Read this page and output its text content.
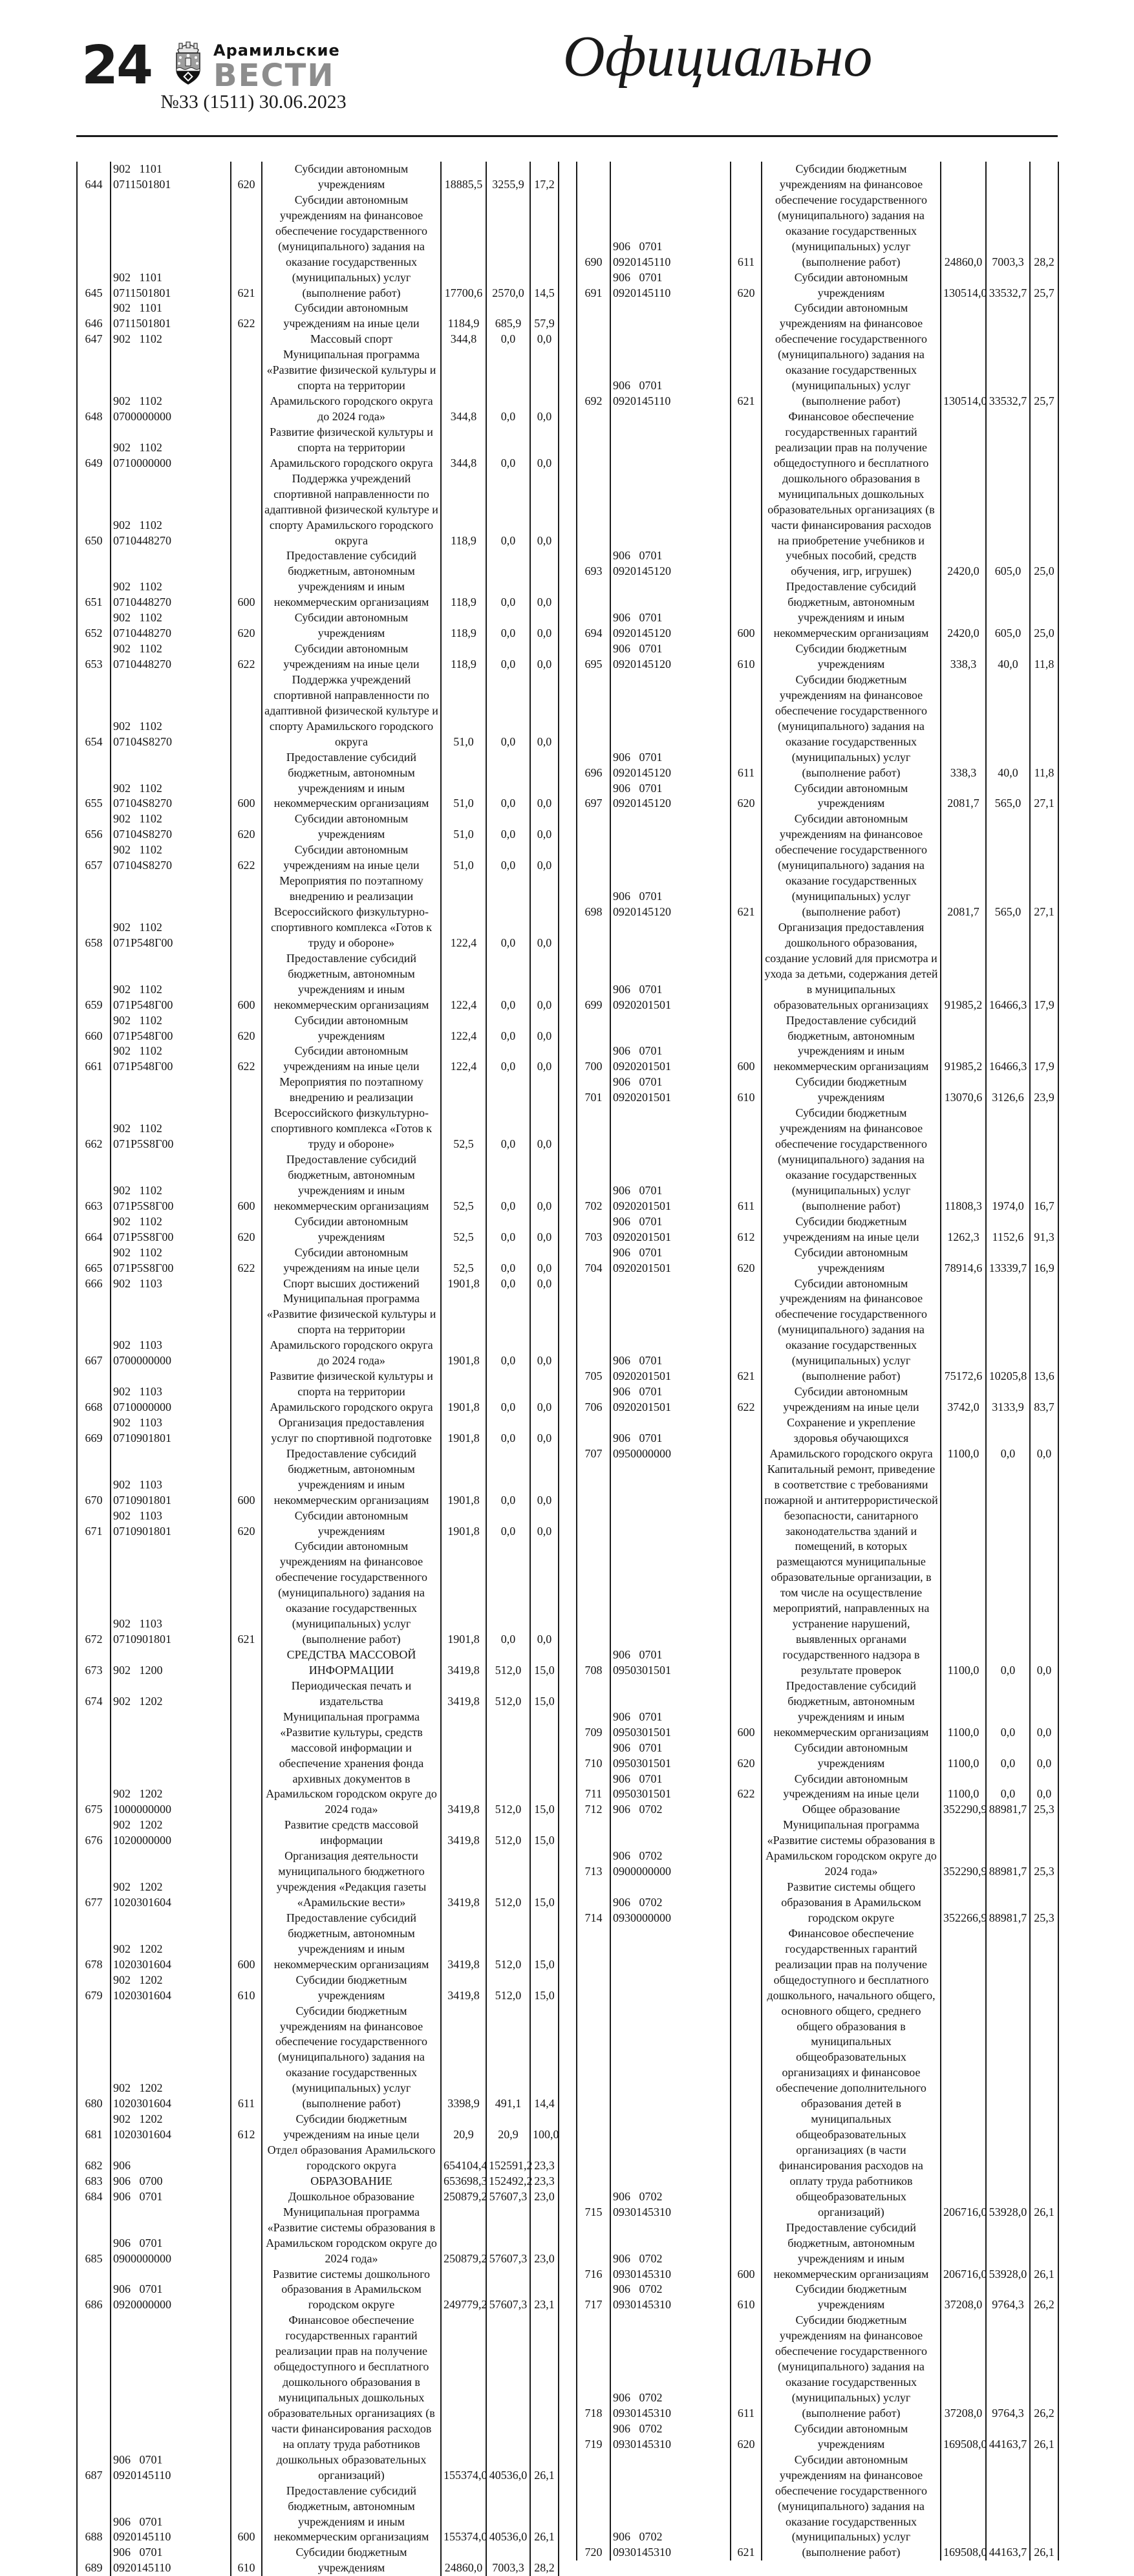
24	Арамильские
ВЕСТИ
№33 (1511) 30.06.2023
Официально
644	902 1101 0711501801	620	Субсидии автономным учреждениям	18885,5	3255,9	17,2
645	902 1101 0711501801	621	Субсидии автономным учреждениям на финансовое обеспечение государственного (муниципального) задания на оказание государственных (муниципальных) услуг (выполнение работ)	17700,6	2570,0	14,5
646	902 1101 0711501801	622	Субсидии автономным учреждениям на иные цели	1184,9	685,9	57,9
647	902 1102		Массовый спорт	344,8	0,0	0,0
648	902 1102 0700000000		Муниципальная программа «Развитие физической культуры и спорта на территории Арамильского городского округа до 2024 года»	344,8	0,0	0,0
649	902 1102 0710000000		Развитие физической культуры и спорта на территории Арамильского городского округа	344,8	0,0	0,0
650	902 1102 0710448270		Поддержка учреждений спортивной направленности по адаптивной физической культуре и спорту Арамильского городского округа	118,9	0,0	0,0
651	902 1102 0710448270	600	Предоставление субсидий бюджетным, автономным учреждениям и иным некоммерческим организациям	118,9	0,0	0,0
652	902 1102 0710448270	620	Субсидии автономным учреждениям	118,9	0,0	0,0
653	902 1102 0710448270	622	Субсидии автономным учреждениям на иные цели	118,9	0,0	0,0
654	902 1102 07104S8270		Поддержка учреждений спортивной направленности по адаптивной физической культуре и спорту Арамильского городского округа	51,0	0,0	0,0
655	902 1102 07104S8270	600	Предоставление субсидий бюджетным, автономным учреждениям и иным некоммерческим организациям	51,0	0,0	0,0
656	902 1102 07104S8270	620	Субсидии автономным учреждениям	51,0	0,0	0,0
657	902 1102 07104S8270	622	Субсидии автономным учреждениям на иные цели	51,0	0,0	0,0
658	902 1102 071P548Г00		Мероприятия по поэтапному внедрению и реализации Всероссийского физкультурно-спортивного комплекса «Готов к труду и обороне»	122,4	0,0	0,0
659	902 1102 071P548Г00	600	Предоставление субсидий бюджетным, автономным учреждениям и иным некоммерческим организациям	122,4	0,0	0,0
660	902 1102 071P548Г00	620	Субсидии автономным учреждениям	122,4	0,0	0,0
661	902 1102 071P548Г00	622	Субсидии автономным учреждениям на иные цели	122,4	0,0	0,0
662	902 1102 071P5S8Г00		Мероприятия по поэтапному внедрению и реализации Всероссийского физкультурно-спортивного комплекса «Готов к труду и обороне»	52,5	0,0	0,0
663	902 1102 071P5S8Г00	600	Предоставление субсидий бюджетным, автономным учреждениям и иным некоммерческим организациям	52,5	0,0	0,0
664	902 1102 071P5S8Г00	620	Субсидии автономным учреждениям	52,5	0,0	0,0
665	902 1102 071P5S8Г00	622	Субсидии автономным учреждениям на иные цели	52,5	0,0	0,0
666	902 1103		Спорт высших достижений	1901,8	0,0	0,0
667	902 1103 0700000000		Муниципальная программа «Развитие физической культуры и спорта на территории Арамильского городского округа до 2024 года»	1901,8	0,0	0,0
668	902 1103 0710000000		Развитие физической культуры и спорта на территории Арамильского городского округа	1901,8	0,0	0,0
669	902 1103 0710901801		Организация предоставления услуг по спортивной подготовке	1901,8	0,0	0,0
670	902 1103 0710901801	600	Предоставление субсидий бюджетным, автономным учреждениям и иным некоммерческим организациям	1901,8	0,0	0,0
671	902 1103 0710901801	620	Субсидии автономным учреждениям	1901,8	0,0	0,0
672	902 1103 0710901801	621	Субсидии автономным учреждениям на финансовое обеспечение государственного (муниципального) задания на оказание государственных (муниципальных) услуг (выполнение работ)	1901,8	0,0	0,0
673	902 1200		СРЕДСТВА МАССОВОЙ ИНФОРМАЦИИ	3419,8	512,0	15,0
674	902 1202		Периодическая печать и издательства	3419,8	512,0	15,0
675	902 1202 1000000000		Муниципальная программа «Развитие культуры, средств массовой информации и обеспечение хранения фонда архивных документов в Арамильском городском округе до 2024 года»	3419,8	512,0	15,0
676	902 1202 1020000000		Развитие средств массовой информации	3419,8	512,0	15,0
677	902 1202 1020301604		Организация деятельности муниципального бюджетного учреждения «Редакция газеты «Арамильские вести»	3419,8	512,0	15,0
678	902 1202 1020301604	600	Предоставление субсидий бюджетным, автономным учреждениям и иным некоммерческим организациям	3419,8	512,0	15,0
679	902 1202 1020301604	610	Субсидии бюджетным учреждениям	3419,8	512,0	15,0
680	902 1202 1020301604	611	Субсидии бюджетным учреждениям на финансовое обеспечение государственного (муниципального) задания на оказание государственных (муниципальных) услуг (выполнение работ)	3398,9	491,1	14,4
681	902 1202 1020301604	612	Субсидии бюджетным учреждениям на иные цели	20,9	20,9	100,0
682	906		Отдел образования Арамильского городского округа	654104,4	152591,2	23,3
683	906 0700		ОБРАЗОВАНИЕ	653698,3	152492,2	23,3
684	906 0701		Дошкольное образование	250879,2	57607,3	23,0
685	906 0701 0900000000		Муниципальная программа «Развитие системы образования в Арамильском городском округе до 2024 года»	250879,2	57607,3	23,0
686	906 0701 0920000000		Развитие системы дошкольного образования в Арамильском городском округе	249779,2	57607,3	23,1
687	906 0701 0920145110		Финансовое обеспечение государственных гарантий реализации прав на получение общедоступного и бесплатного дошкольного образования в муниципальных дошкольных образовательных организациях (в части финансирования расходов на оплату труда работников дошкольных образовательных организаций)	155374,0	40536,0	26,1
688	906 0701 0920145110	600	Предоставление субсидий бюджетным, автономным учреждениям и иным некоммерческим организациям	155374,0	40536,0	26,1
689	906 0701 0920145110	610	Субсидии бюджетным учреждениям	24860,0	7003,3	28,2
690	906 0701 0920145110	611	Субсидии бюджетным учреждениям на финансовое обеспечение государственного (муниципального) задания на оказание государственных (муниципальных) услуг (выполнение работ)	24860,0	7003,3	28,2
691	906 0701 0920145110	620	Субсидии автономным учреждениям	130514,0	33532,7	25,7
692	906 0701 0920145110	621	Субсидии автономным учреждениям на финансовое обеспечение государственного (муниципального) задания на оказание государственных (муниципальных) услуг (выполнение работ)	130514,0	33532,7	25,7
693	906 0701 0920145120		Финансовое обеспечение государственных гарантий реализации прав на получение общедоступного и бесплатного дошкольного образования в муниципальных дошкольных образовательных организациях (в части финансирования расходов на приобретение учебников и учебных пособий, средств обучения, игр, игрушек)	2420,0	605,0	25,0
694	906 0701 0920145120	600	Предоставление субсидий бюджетным, автономным учреждениям и иным некоммерческим организациям	2420,0	605,0	25,0
695	906 0701 0920145120	610	Субсидии бюджетным учреждениям	338,3	40,0	11,8
696	906 0701 0920145120	611	Субсидии бюджетным учреждениям на финансовое обеспечение государственного (муниципального) задания на оказание государственных (муниципальных) услуг (выполнение работ)	338,3	40,0	11,8
697	906 0701 0920145120	620	Субсидии автономным учреждениям	2081,7	565,0	27,1
698	906 0701 0920145120	621	Субсидии автономным учреждениям на финансовое обеспечение государственного (муниципального) задания на оказание государственных (муниципальных) услуг (выполнение работ)	2081,7	565,0	27,1
699	906 0701 0920201501		Организация предоставления дошкольного образования, создание условий для присмотра и ухода за детьми, содержания детей в муниципальных образовательных организациях	91985,2	16466,3	17,9
700	906 0701 0920201501	600	Предоставление субсидий бюджетным, автономным учреждениям и иным некоммерческим организациям	91985,2	16466,3	17,9
701	906 0701 0920201501	610	Субсидии бюджетным учреждениям	13070,6	3126,6	23,9
702	906 0701 0920201501	611	Субсидии бюджетным учреждениям на финансовое обеспечение государственного (муниципального) задания на оказание государственных (муниципальных) услуг (выполнение работ)	11808,3	1974,0	16,7
703	906 0701 0920201501	612	Субсидии бюджетным учреждениям на иные цели	1262,3	1152,6	91,3
704	906 0701 0920201501	620	Субсидии автономным учреждениям	78914,6	13339,7	16,9
705	906 0701 0920201501	621	Субсидии автономным учреждениям на финансовое обеспечение государственного (муниципального) задания на оказание государственных (муниципальных) услуг (выполнение работ)	75172,6	10205,8	13,6
706	906 0701 0920201501	622	Субсидии автономным учреждениям на иные цели	3742,0	3133,9	83,7
707	906 0701 0950000000		Сохранение и укрепление здоровья обучающихся Арамильского городского округа	1100,0	0,0	0,0
708	906 0701 0950301501		Капитальный ремонт, приведение в соответствие с требованиями пожарной и антитеррористической безопасности, санитарного законодательства зданий и помещений, в которых размещаются муниципальные образовательные организации, в том числе на осуществление мероприятий, направленных на устранение нарушений, выявленных органами государственного надзора в результате проверок	1100,0	0,0	0,0
709	906 0701 0950301501	600	Предоставление субсидий бюджетным, автономным учреждениям и иным некоммерческим организациям	1100,0	0,0	0,0
710	906 0701 0950301501	620	Субсидии автономным учреждениям	1100,0	0,0	0,0
711	906 0701 0950301501	622	Субсидии автономным учреждениям на иные цели	1100,0	0,0	0,0
712	906 0702		Общее образование	352290,9	88981,7	25,3
713	906 0702 0900000000		Муниципальная программа «Развитие системы образования в Арамильском городском округе до 2024 года»	352290,9	88981,7	25,3
714	906 0702 0930000000		Развитие системы общего образования в Арамильском городском округе	352266,9	88981,7	25,3
715	906 0702 0930145310		Финансовое обеспечение государственных гарантий реализации прав на получение общедоступного и бесплатного дошкольного, начального общего, основного общего, среднего общего образования в муниципальных общеобразовательных организациях и финансовое обеспечение дополнительного образования детей в муниципальных общеобразовательных организациях (в части финансирования расходов на оплату труда работников общеобразовательных организаций)	206716,0	53928,0	26,1
716	906 0702 0930145310	600	Предоставление субсидий бюджетным, автономным учреждениям и иным некоммерческим организациям	206716,0	53928,0	26,1
717	906 0702 0930145310	610	Субсидии бюджетным учреждениям	37208,0	9764,3	26,2
718	906 0702 0930145310	611	Субсидии бюджетным учреждениям на финансовое обеспечение государственного (муниципального) задания на оказание государственных (муниципальных) услуг (выполнение работ)	37208,0	9764,3	26,2
719	906 0702 0930145310	620	Субсидии автономным учреждениям	169508,0	44163,7	26,1
720	906 0702 0930145310	621	Субсидии автономным учреждениям на финансовое обеспечение государственного (муниципального) задания на оказание государственных (муниципальных) услуг (выполнение работ)	169508,0	44163,7	26,1
